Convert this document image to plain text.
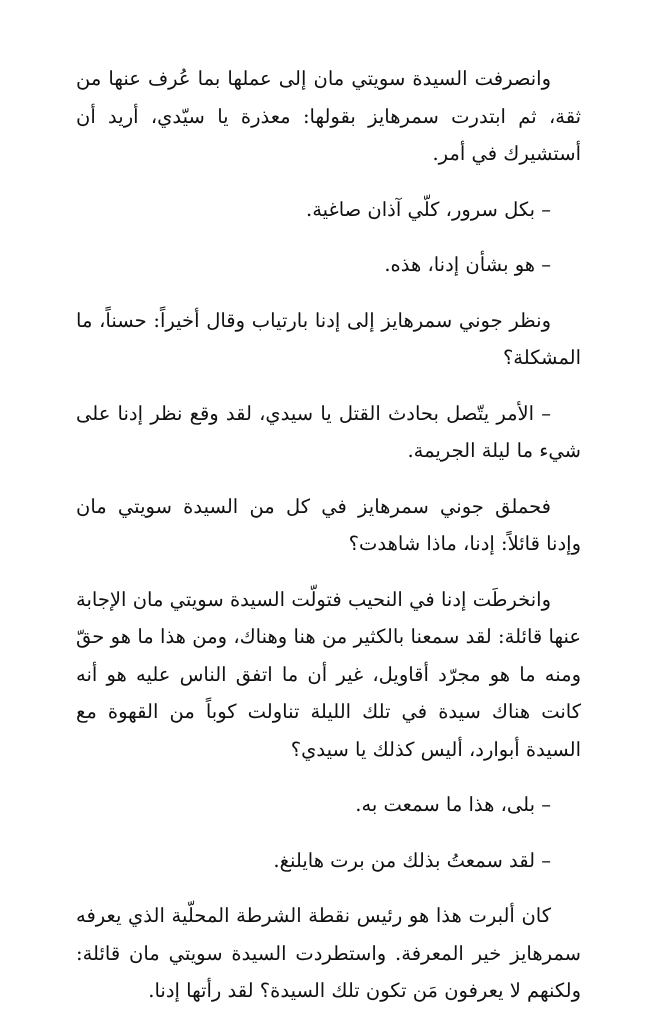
وانصرفت السيدة سويتي مان إلى عملها بما عُرف عنها من ثقة، ثم ابتدرت سمرهايز بقولها: معذرة يا سيّدي، أريد أن أستشيرك في أمر.

– بكل سرور، كلّي آذان صاغية.

– هو بشأن إدنا، هذه.

ونظر جوني سمرهايز إلى إدنا بارتياب وقال أخيراً: حسناً، ما المشكلة؟

– الأمر يتّصل بحادث القتل يا سيدي، لقد وقع نظر إدنا على شيء ما ليلة الجريمة.

فحملق جوني سمرهايز في كل من السيدة سويتي مان وإدنا قائلاً: إدنا، ماذا شاهدت؟

وانخرطَت إدنا في النحيب فتولّت السيدة سويتي مان الإجابة عنها قائلة: لقد سمعنا بالكثير من هنا وهناك، ومن هذا ما هو حقّ ومنه ما هو مجرّد أقاويل، غير أن ما اتفق الناس عليه هو أنه كانت هناك سيدة في تلك الليلة تناولت كوباً من القهوة مع السيدة أبوارد، أليس كذلك يا سيدي؟

– بلى، هذا ما سمعت به.

– لقد سمعتُ بذلك من برت هايلنغ.

كان ألبرت هذا هو رئيس نقطة الشرطة المحلّية الذي يعرفه سمرهايز خير المعرفة. واستطردت السيدة سويتي مان قائلة: ولكنهم لا يعرفون مَن تكون تلك السيدة؟ لقد رأتها إدنا.
